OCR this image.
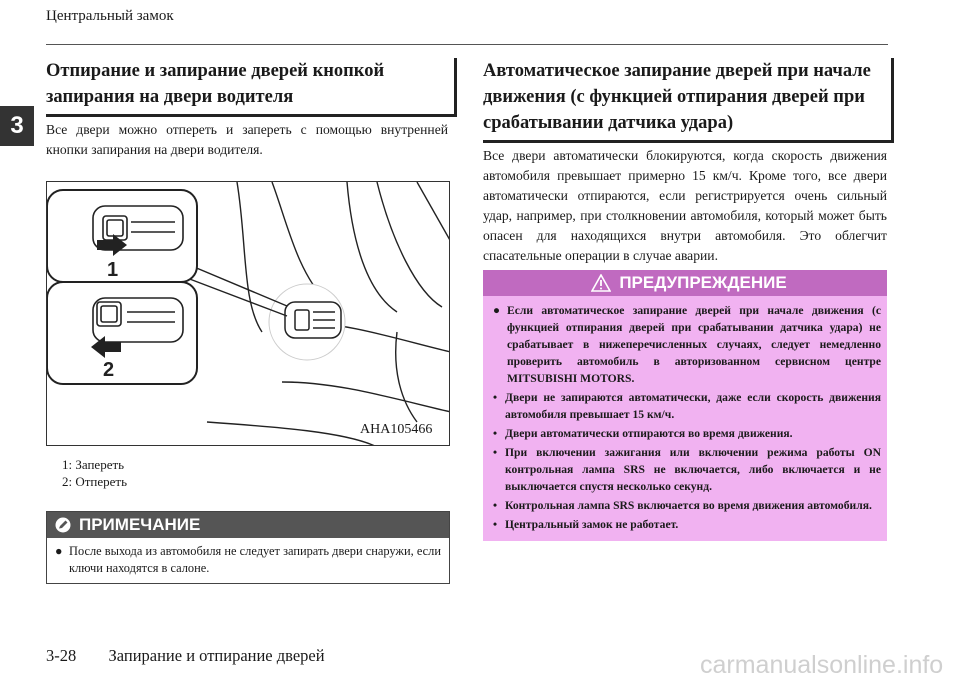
Центральный замок
3
Отпирание и запирание дверей кнопкой запирания на двери водителя
Все двери можно отпереть и запереть с помощью внутренней кнопки запирания на двери водителя.
1
2
AHA105466
1: Запереть
2: Отпереть
ПРИМЕЧАНИЕ
● После выхода из автомобиля не следует запирать двери снаружи, если ключи находятся в салоне.
Автоматическое запирание дверей при начале движения (с функцией отпирания дверей при срабатывании датчика удара)
Все двери автоматически блокируются, когда скорость движения автомобиля превышает примерно 15 км/ч. Кроме того, все двери автоматически отпираются, если регистрируется очень сильный удар, например, при столкновении автомобиля, который может быть опасен для находящихся внутри автомобиля. Это облегчит спасательные операции в случае аварии.
ПРЕДУПРЕЖДЕНИЕ
● Если автоматическое запирание дверей при начале движения (с функцией отпирания дверей при срабатывании датчика удара) не срабатывает в нижеперечисленных случаях, следует немедленно проверить автомобиль в авторизованном сервисном центре MITSUBISHI MOTORS.
• Двери не запираются автоматически, даже если скорость движения автомобиля превышает 15 км/ч.
• Двери автоматически отпираются во время движения.
• При включении зажигания или включении режима работы ON контрольная лампа SRS не включается, либо включается и не выключается спустя несколько секунд.
• Контрольная лампа SRS включается во время движения автомобиля.
• Центральный замок не работает.
3-28 Запирание и отпирание дверей	carmanualsonline.info
